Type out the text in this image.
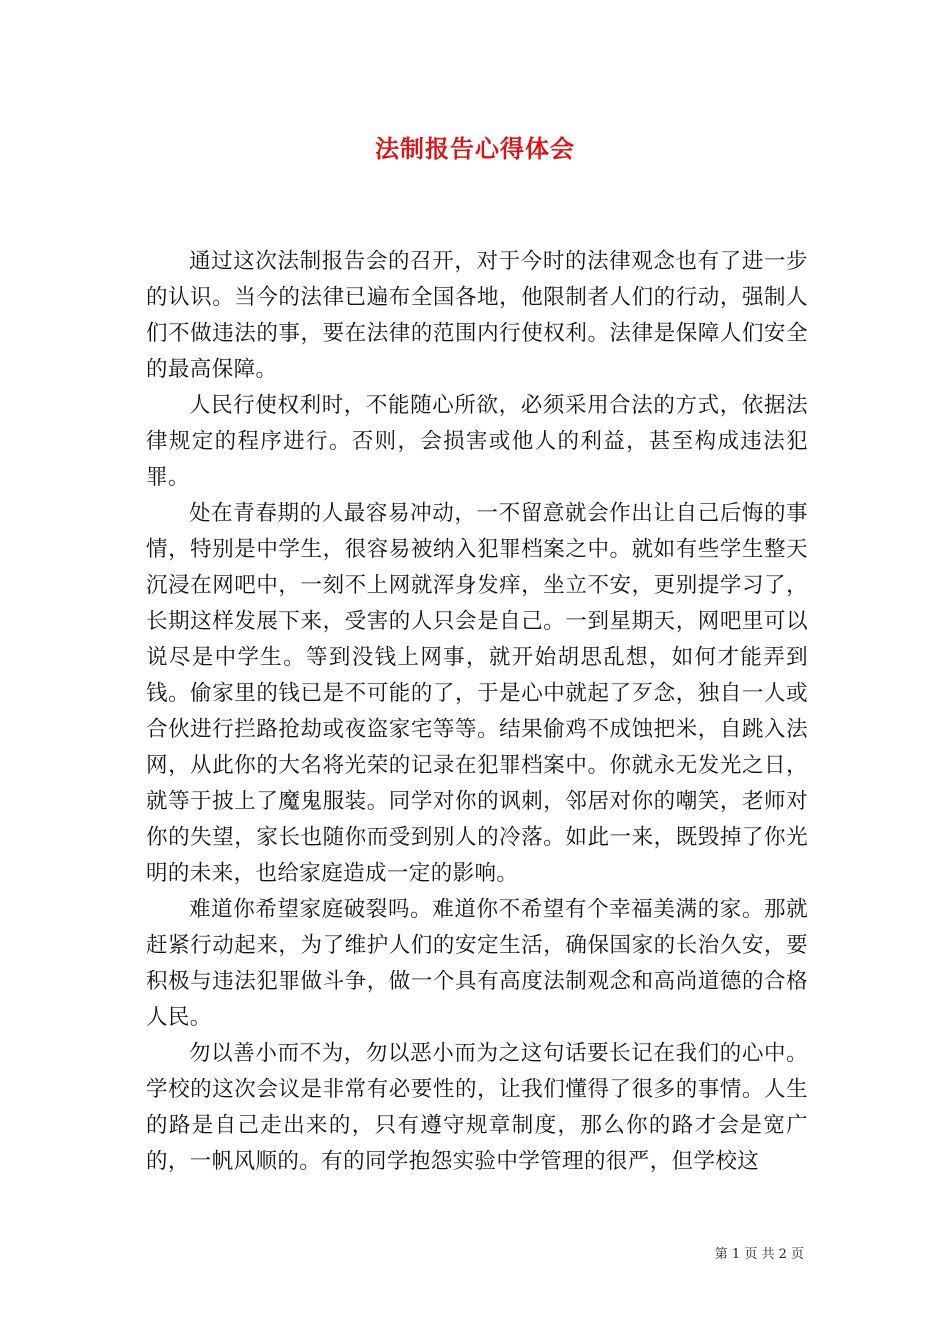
法制报告心得体会

通过这次法制报告会的召开，对于今时的法律观念也有了进一步的认识。当今的法律已遍布全国各地，他限制者人们的行动，强制人们不做违法的事，要在法律的范围内行使权利。法律是保障人们安全的最高保障。

人民行使权利时，不能随心所欲，必须采用合法的方式，依据法律规定的程序进行。否则，会损害或他人的利益，甚至构成违法犯罪。

处在青春期的人最容易冲动，一不留意就会作出让自己后悔的事情，特别是中学生，很容易被纳入犯罪档案之中。就如有些学生整天沉浸在网吧中，一刻不上网就浑身发痒，坐立不安，更别提学习了，长期这样发展下来，受害的人只会是自己。一到星期天，网吧里可以说尽是中学生。等到没钱上网事，就开始胡思乱想，如何才能弄到钱。偷家里的钱已是不可能的了，于是心中就起了歹念，独自一人或合伙进行拦路抢劫或夜盗家宅等等。结果偷鸡不成蚀把米，自跳入法网，从此你的大名将光荣的记录在犯罪档案中。你就永无发光之日，就等于披上了魔鬼服装。同学对你的讽刺，邻居对你的嘲笑，老师对你的失望，家长也随你而受到别人的冷落。如此一来，既毁掉了你光明的未来，也给家庭造成一定的影响。

难道你希望家庭破裂吗。难道你不希望有个幸福美满的家。那就赶紧行动起来，为了维护人们的安定生活，确保国家的长治久安，要积极与违法犯罪做斗争，做一个具有高度法制观念和高尚道德的合格人民。

勿以善小而不为，勿以恶小而为之这句话要长记在我们的心中。学校的这次会议是非常有必要性的，让我们懂得了很多的事情。人生的路是自己走出来的，只有遵守规章制度，那么你的路才会是宽广的，一帆风顺的。有的同学抱怨实验中学管理的很严，但学校这

第 1 页 共 2 页
